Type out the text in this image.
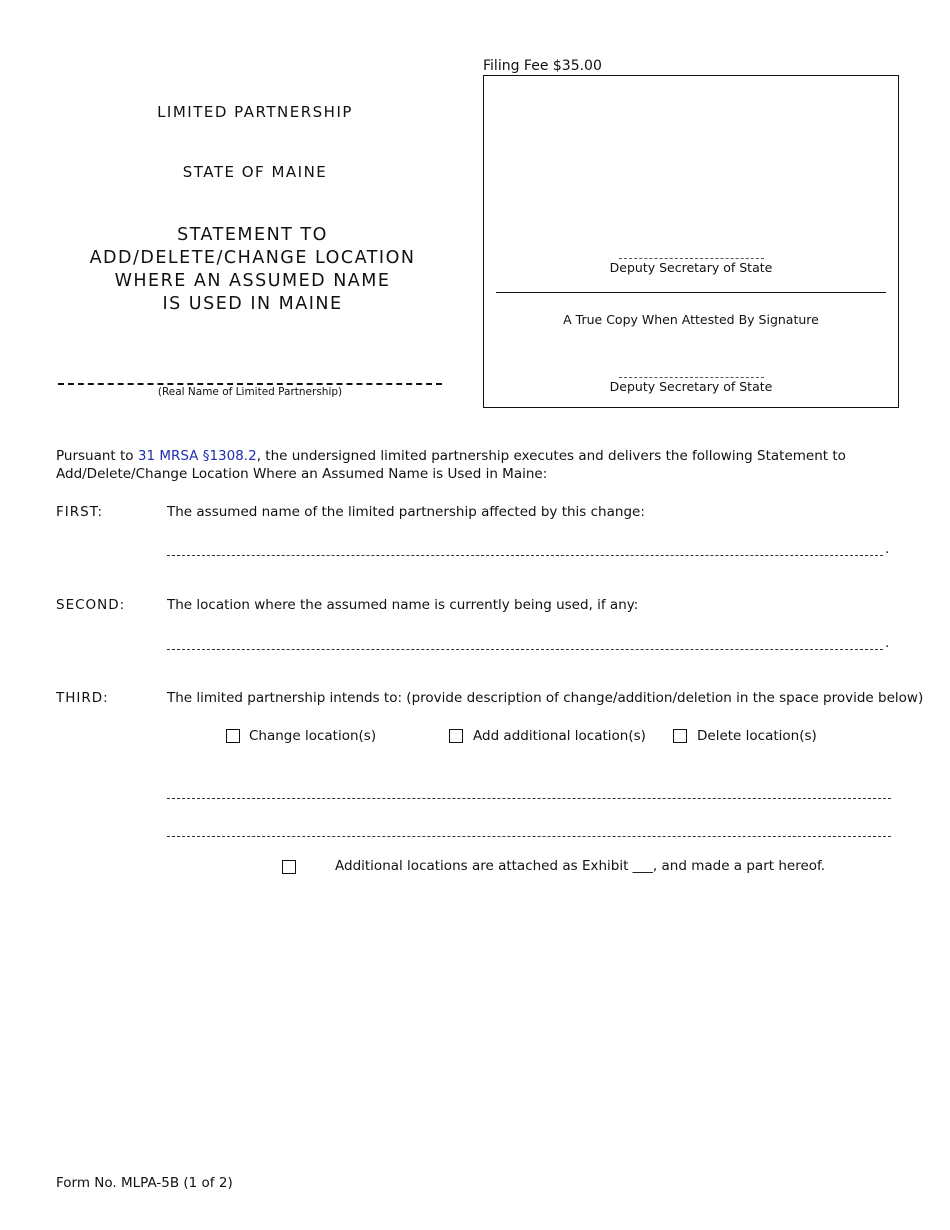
Filing Fee $35.00
Deputy Secretary of State
A True Copy When Attested By Signature
Deputy Secretary of State
LIMITED PARTNERSHIP
STATE OF MAINE
STATEMENT TO
ADD/DELETE/CHANGE LOCATION
WHERE AN ASSUMED NAME
IS USED IN MAINE
(Real Name of Limited Partnership)
Pursuant to 31 MRSA §1308.2, the undersigned limited partnership executes and delivers the following Statement to Add/Delete/Change Location Where an Assumed Name is Used in Maine:
FIRST:	The assumed name of the limited partnership affected by this change:
.
SECOND:	The location where the assumed name is currently being used, if any:
.
THIRD:	The limited partnership intends to: (provide description of change/addition/deletion in the space provide below)
Change location(s)	Add additional location(s)	Delete location(s)
Additional locations are attached as Exhibit ___, and made a part hereof.
Form No. MLPA-5B (1 of 2)
